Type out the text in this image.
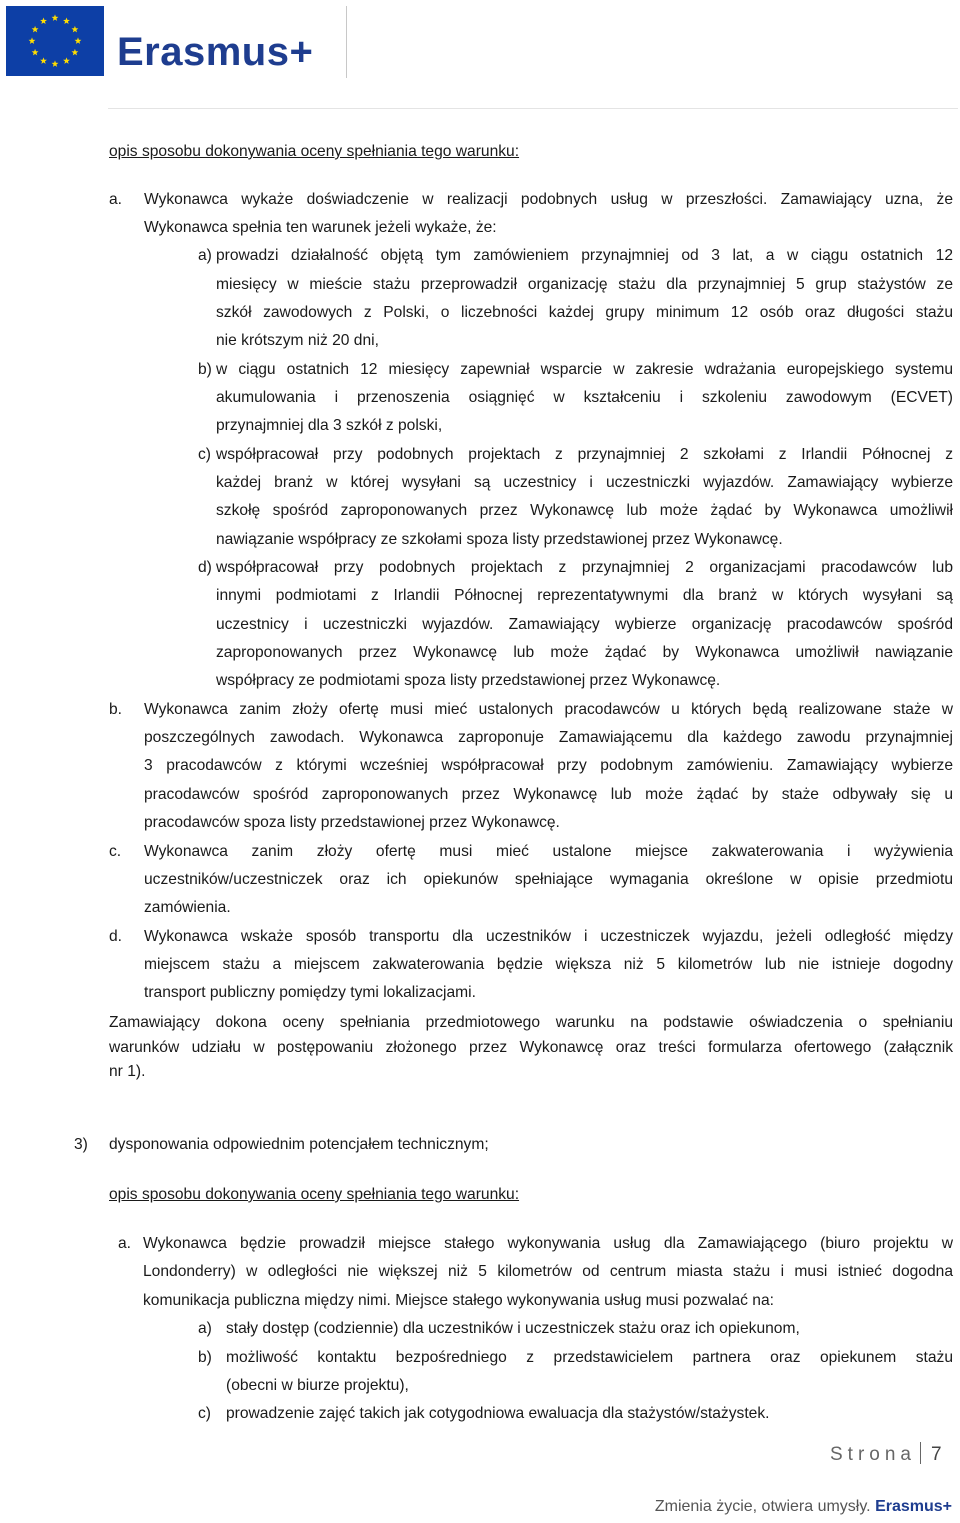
Erasmus+
opis sposobu dokonywania oceny spełniania tego warunku:
a. Wykonawca wykaże doświadczenie w realizacji podobnych usług w przeszłości. Zamawiający uzna, że
Wykonawca spełnia ten warunek jeżeli wykaże, że:
a) prowadzi działalność objętą tym zamówieniem przynajmniej od 3 lat, a w ciągu ostatnich 12
miesięcy w mieście stażu przeprowadził organizację stażu dla przynajmniej 5 grup stażystów ze
szkół zawodowych z Polski, o liczebności każdej grupy minimum 12 osób oraz długości stażu
nie krótszym niż 20 dni,
b) w ciągu ostatnich 12 miesięcy zapewniał wsparcie w zakresie wdrażania europejskiego systemu
akumulowania i przenoszenia osiągnięć w kształceniu i szkoleniu zawodowym (ECVET)
przynajmniej dla 3 szkół z polski,
c) współpracował przy podobnych projektach z przynajmniej 2 szkołami z Irlandii Północnej z
każdej branż w której wysyłani są uczestnicy i uczestniczki wyjazdów. Zamawiający wybierze
szkołę spośród zaproponowanych przez Wykonawcę lub może żądać by Wykonawca umożliwił
nawiązanie współpracy ze szkołami spoza listy przedstawionej przez Wykonawcę.
d) współpracował przy podobnych projektach z przynajmniej 2 organizacjami pracodawców lub
innymi podmiotami z Irlandii Północnej reprezentatywnymi dla branż w których wysyłani są
uczestnicy i uczestniczki wyjazdów. Zamawiający wybierze organizację pracodawców spośród
zaproponowanych przez Wykonawcę lub może żądać by Wykonawca umożliwił nawiązanie
współpracy ze podmiotami spoza listy przedstawionej przez Wykonawcę.
b. Wykonawca zanim złoży ofertę musi mieć ustalonych pracodawców u których będą realizowane staże w
poszczególnych zawodach. Wykonawca zaproponuje Zamawiającemu dla każdego zawodu przynajmniej
3 pracodawców z którymi wcześniej współpracował przy podobnym zamówieniu. Zamawiający wybierze
pracodawców spośród zaproponowanych przez Wykonawcę lub może żądać by staże odbywały się u
pracodawców spoza listy przedstawionej przez Wykonawcę.
c. Wykonawca zanim złoży ofertę musi mieć ustalone miejsce zakwaterowania i wyżywienia
uczestników/uczestniczek oraz ich opiekunów spełniające wymagania określone w opisie przedmiotu
zamówienia.
d. Wykonawca wskaże sposób transportu dla uczestników i uczestniczek wyjazdu, jeżeli odległość między
miejscem stażu a miejscem zakwaterowania będzie większa niż 5 kilometrów lub nie istnieje dogodny
transport publiczny pomiędzy tymi lokalizacjami.
Zamawiający dokona oceny spełniania przedmiotowego warunku na podstawie oświadczenia o spełnianiu
warunków udziału w postępowaniu złożonego przez Wykonawcę oraz treści formularza ofertowego (załącznik
nr 1).
3) dysponowania odpowiednim potencjałem technicznym;
opis sposobu dokonywania oceny spełniania tego warunku:
a. Wykonawca będzie prowadził miejsce stałego wykonywania usług dla Zamawiającego (biuro projektu w
Londonderry) w odległości nie większej niż 5 kilometrów od centrum miasta stażu i musi istnieć dogodna
komunikacja publiczna między nimi. Miejsce stałego wykonywania usług musi pozwalać na:
a) stały dostęp (codziennie) dla uczestników i uczestniczek stażu oraz ich opiekunom,
b) możliwość kontaktu bezpośredniego z przedstawicielem partnera oraz opiekunem stażu
(obecni w biurze projektu),
c) prowadzenie zajęć takich jak cotygodniowa ewaluacja dla stażystów/stażystek.
Strona 7
Zmienia życie, otwiera umysły. Erasmus+
